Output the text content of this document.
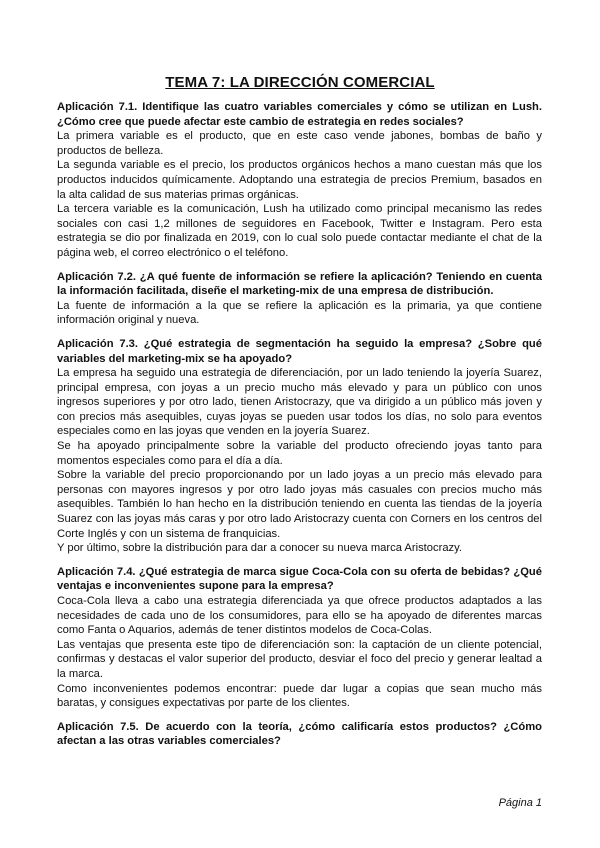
TEMA 7: LA DIRECCIÓN COMERCIAL
Aplicación 7.1. Identifique las cuatro variables comerciales y cómo se utilizan en Lush. ¿Cómo cree que puede afectar este cambio de estrategia en redes sociales?
La primera variable es el producto, que en este caso vende jabones, bombas de baño y productos de belleza.
La segunda variable es el precio, los productos orgánicos hechos a mano cuestan más que los productos inducidos químicamente. Adoptando una estrategia de precios Premium, basados en la alta calidad de sus materias primas orgánicas.
La tercera variable es la comunicación, Lush ha utilizado como principal mecanismo las redes sociales con casi 1,2 millones de seguidores en Facebook, Twitter e Instagram. Pero esta estrategia se dio por finalizada en 2019, con lo cual solo puede contactar mediante el chat de la página web, el correo electrónico o el teléfono.
Aplicación 7.2. ¿A qué fuente de información se refiere la aplicación? Teniendo en cuenta la información facilitada, diseñe el marketing-mix de una empresa de distribución.
La fuente de información a la que se refiere la aplicación es la primaria, ya que contiene información original y nueva.
Aplicación 7.3. ¿Qué estrategia de segmentación ha seguido la empresa? ¿Sobre qué variables del marketing-mix se ha apoyado?
La empresa ha seguido una estrategia de diferenciación, por un lado teniendo la joyería Suarez, principal empresa, con joyas a un precio mucho más elevado y para un público con unos ingresos superiores y por otro lado, tienen Aristocrazy, que va dirigido a un público más joven y con precios más asequibles, cuyas joyas se pueden usar todos los días, no solo para eventos especiales como en las joyas que venden en la joyería Suarez.
Se ha apoyado principalmente sobre la variable del producto ofreciendo joyas tanto para momentos especiales como para el día a día.
Sobre la variable del precio proporcionando por un lado joyas a un precio más elevado para personas con mayores ingresos y por otro lado joyas más casuales con precios mucho más asequibles. También lo han hecho en la distribución teniendo en cuenta las tiendas de la joyería Suarez con las joyas más caras y por otro lado Aristocrazy cuenta con Corners en los centros del Corte Inglés y con un sistema de franquicias.
Y por último, sobre la distribución para dar a conocer su nueva marca Aristocrazy.
Aplicación 7.4. ¿Qué estrategia de marca sigue Coca-Cola con su oferta de bebidas? ¿Qué ventajas e inconvenientes supone para la empresa?
Coca-Cola lleva a cabo una estrategia diferenciada ya que ofrece productos adaptados a las necesidades de cada uno de los consumidores, para ello se ha apoyado de diferentes marcas como Fanta o Aquarios, además de tener distintos modelos de Coca-Colas.
Las ventajas que presenta este tipo de diferenciación son: la captación de un cliente potencial, confirmas y destacas el valor superior del producto, desviar el foco del precio y generar lealtad a la marca.
Como inconvenientes podemos encontrar: puede dar lugar a copias que sean mucho más baratas, y consigues expectativas por parte de los clientes.
Aplicación 7.5. De acuerdo con la teoría, ¿cómo calificaría estos productos? ¿Cómo afectan a las otras variables comerciales?
Página 1
